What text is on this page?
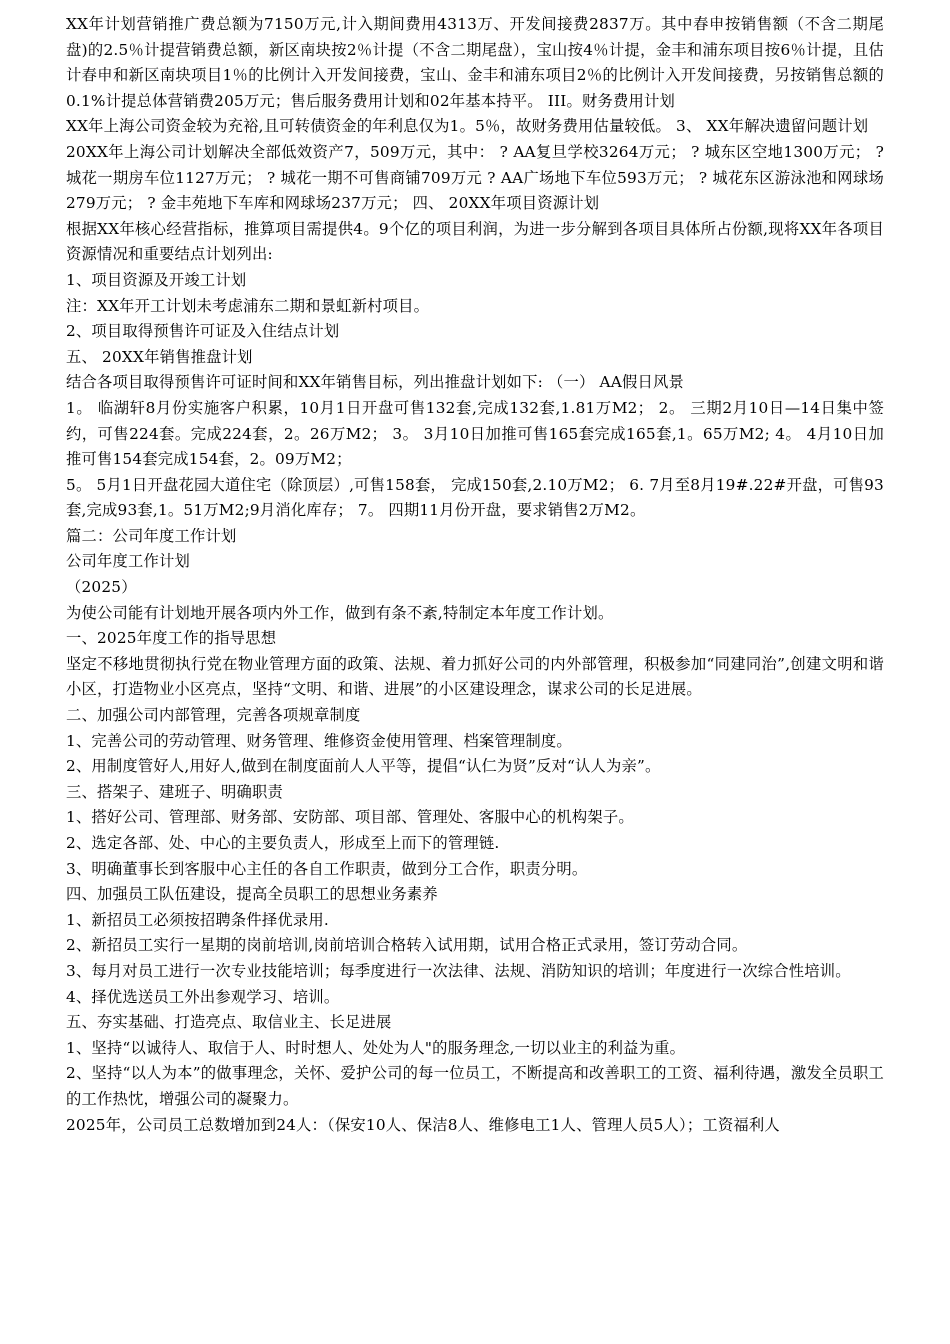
XX年计划营销推广费总额为7150万元,计入期间费用4313万、开发间接费2837万。其中春申按销售额（不含二期尾盘)的2.5％计提营销费总额，新区南块按2％计提（不含二期尾盘），宝山按4％计提，金丰和浦东项目按6％计提，且估计春申和新区南块项目1％的比例计入开发间接费，宝山、金丰和浦东项目2％的比例计入开发间接费，另按销售总额的0.1%计提总体营销费205万元；售后服务费用计划和02年基本持平。 III。财务费用计划

XX年上海公司资金较为充裕,且可转债资金的年利息仅为1。5％，故财务费用估量较低。 3、 XX年解决遗留问题计划

20XX年上海公司计划解决全部低效资产7，509万元，其中： ? AA复旦学校3264万元； ? 城东区空地1300万元； ? 城花一期房车位1127万元； ? 城花一期不可售商铺709万元 ? AA广场地下车位593万元； ? 城花东区游泳池和网球场279万元； ? 金丰苑地下车库和网球场237万元； 四、 20XX年项目资源计划

根据XX年核心经营指标，推算项目需提供4。9个亿的项目利润，为进一步分解到各项目具体所占份额,现将XX年各项目资源情况和重要结点计划列出:

1、项目资源及开竣工计划

注：XX年开工计划未考虑浦东二期和景虹新村项目。

2、项目取得预售许可证及入住结点计划

五、 20XX年销售推盘计划

结合各项目取得预售许可证时间和XX年销售目标，列出推盘计划如下: （一） AA假日风景

1。 临湖轩8月份实施客户积累，10月1日开盘可售132套,完成132套,1.81万M2； 2。 三期2月10日—14日集中签约，可售224套。完成224套，2。26万M2； 3。 3月10日加推可售165套完成165套,1。65万M2; 4。 4月10日加推可售154套完成154套，2。09万M2；

5。 5月1日开盘花园大道住宅（除顶层）,可售158套， 完成150套,2.10万M2； 6. 7月至8月19#.22#开盘，可售93套,完成93套,1。51万M2;9月消化库存； 7。 四期11月份开盘，要求销售2万M2。

篇二：公司年度工作计划

公司年度工作计划

（2025）

为使公司能有计划地开展各项内外工作，做到有条不紊,特制定本年度工作计划。

一、2025年度工作的指导思想

坚定不移地贯彻执行党在物业管理方面的政策、法规、着力抓好公司的内外部管理，积极参加“同建同治”,创建文明和谐小区，打造物业小区亮点，坚持“文明、和谐、进展”的小区建设理念，谋求公司的长足进展。

二、加强公司内部管理，完善各项规章制度

1、完善公司的劳动管理、财务管理、维修资金使用管理、档案管理制度。

2、用制度管好人,用好人,做到在制度面前人人平等，提倡“认仁为贤”反对“认人为亲”。

三、搭架子、建班子、明确职责

1、搭好公司、管理部、财务部、安防部、项目部、管理处、客服中心的机构架子。

2、选定各部、处、中心的主要负责人，形成至上而下的管理链.

3、明确董事长到客服中心主任的各自工作职责，做到分工合作，职责分明。

四、加强员工队伍建设，提高全员职工的思想业务素养

1、新招员工必须按招聘条件择优录用.

2、新招员工实行一星期的岗前培训,岗前培训合格转入试用期，试用合格正式录用，签订劳动合同。

3、每月对员工进行一次专业技能培训；每季度进行一次法律、法规、消防知识的培训；年度进行一次综合性培训。

4、择优选送员工外出参观学习、培训。

五、夯实基础、打造亮点、取信业主、长足进展

1、坚持“以诚待人、取信于人、时时想人、处处为人"的服务理念,一切以业主的利益为重。

2、坚持“以人为本”的做事理念，关怀、爱护公司的每一位员工，不断提高和改善职工的工资、福利待遇，激发全员职工的工作热忱，增强公司的凝聚力。

2025年，公司员工总数增加到24人：（保安10人、保洁8人、维修电工1人、管理人员5人）；工资福利人
